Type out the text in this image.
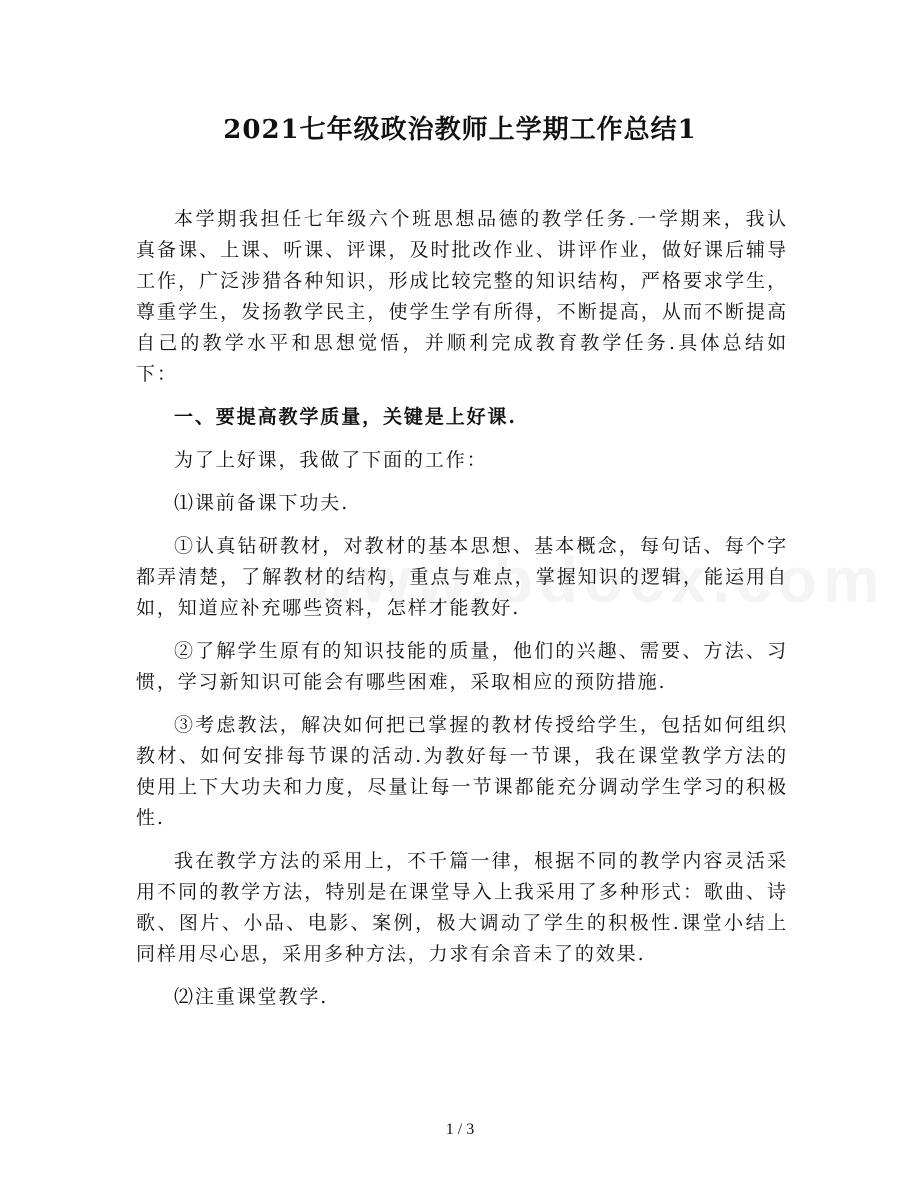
2021七年级政治教师上学期工作总结1

本学期我担任七年级六个班思想品德的教学任务.一学期来，我认真备课、上课、听课、评课，及时批改作业、讲评作业，做好课后辅导工作，广泛涉猎各种知识，形成比较完整的知识结构，严格要求学生，尊重学生，发扬教学民主，使学生学有所得，不断提高，从而不断提高自己的教学水平和思想觉悟，并顺利完成教育教学任务.具体总结如下：

一、要提高教学质量，关键是上好课.

为了上好课，我做了下面的工作：

⑴课前备课下功夫.

①认真钻研教材，对教材的基本思想、基本概念，每句话、每个字都弄清楚，了解教材的结构，重点与难点，掌握知识的逻辑，能运用自如，知道应补充哪些资料，怎样才能教好.

②了解学生原有的知识技能的质量，他们的兴趣、需要、方法、习惯，学习新知识可能会有哪些困难，采取相应的预防措施.

③考虑教法，解决如何把已掌握的教材传授给学生，包括如何组织教材、如何安排每节课的活动.为教好每一节课，我在课堂教学方法的使用上下大功夫和力度，尽量让每一节课都能充分调动学生学习的积极性.

我在教学方法的采用上，不千篇一律，根据不同的教学内容灵活采用不同的教学方法，特别是在课堂导入上我采用了多种形式：歌曲、诗歌、图片、小品、电影、案例，极大调动了学生的积极性.课堂小结上同样用尽心思，采用多种方法，力求有余音未了的效果.

⑵注重课堂教学.

1 / 3
